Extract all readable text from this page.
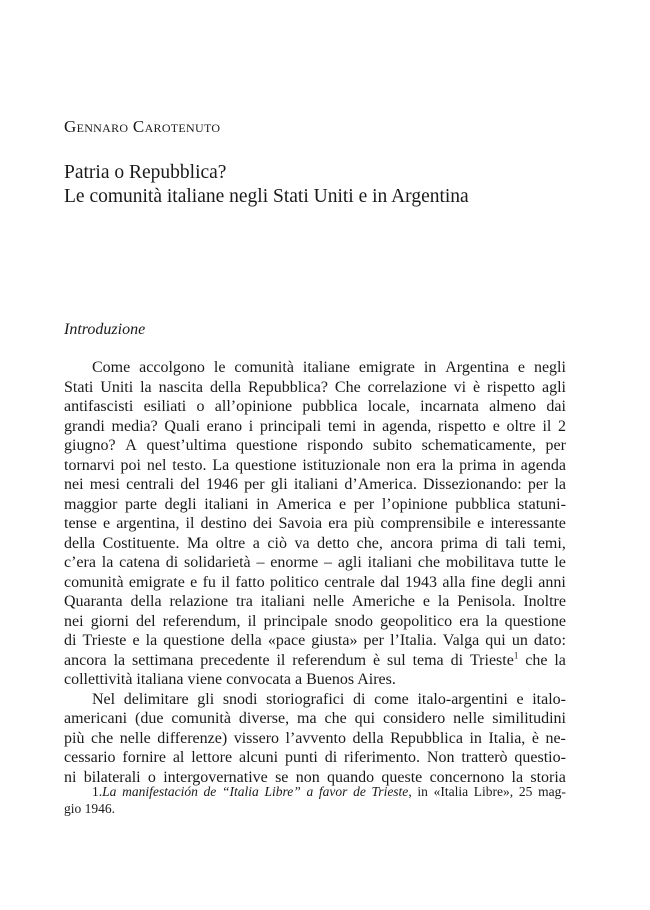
Gennaro Carotenuto
Patria o Repubblica?
Le comunità italiane negli Stati Uniti e in Argentina
Introduzione
Come accolgono le comunità italiane emigrate in Argentina e negli
Stati Uniti la nascita della Repubblica? Che correlazione vi è rispetto agli
antifascisti esiliati o all’opinione pubblica locale, incarnata almeno dai
grandi media? Quali erano i principali temi in agenda, rispetto e oltre il 2
giugno? A quest’ultima questione rispondo subito schematicamente, per
tornarvi poi nel testo. La questione istituzionale non era la prima in agenda
nei mesi centrali del 1946 per gli italiani d’America. Dissezionando: per la
maggior parte degli italiani in America e per l’opinione pubblica statuni-
tense e argentina, il destino dei Savoia era più comprensibile e interessante
della Costituente. Ma oltre a ciò va detto che, ancora prima di tali temi,
c’era la catena di solidarietà – enorme – agli italiani che mobilitava tutte le
comunità emigrate e fu il fatto politico centrale dal 1943 alla fine degli anni
Quaranta della relazione tra italiani nelle Americhe e la Penisola. Inoltre
nei giorni del referendum, il principale snodo geopolitico era la questione
di Trieste e la questione della «pace giusta» per l’Italia. Valga qui un dato:
ancora la settimana precedente il referendum è sul tema di Trieste$^1$ che la
collettività italiana viene convocata a Buenos Aires.
Nel delimitare gli snodi storiografici di come italo-argentini e italo-
americani (due comunità diverse, ma che qui considero nelle similitudini
più che nelle differenze) vissero l’avvento della Repubblica in Italia, è ne-
cessario fornire al lettore alcuni punti di riferimento. Non tratterò questio-
ni bilaterali o intergovernative se non quando queste concernono la storia
1.La manifestación de “Italia Libre” a favor de Trieste, in «Italia Libre», 25 mag-
gio 1946.
